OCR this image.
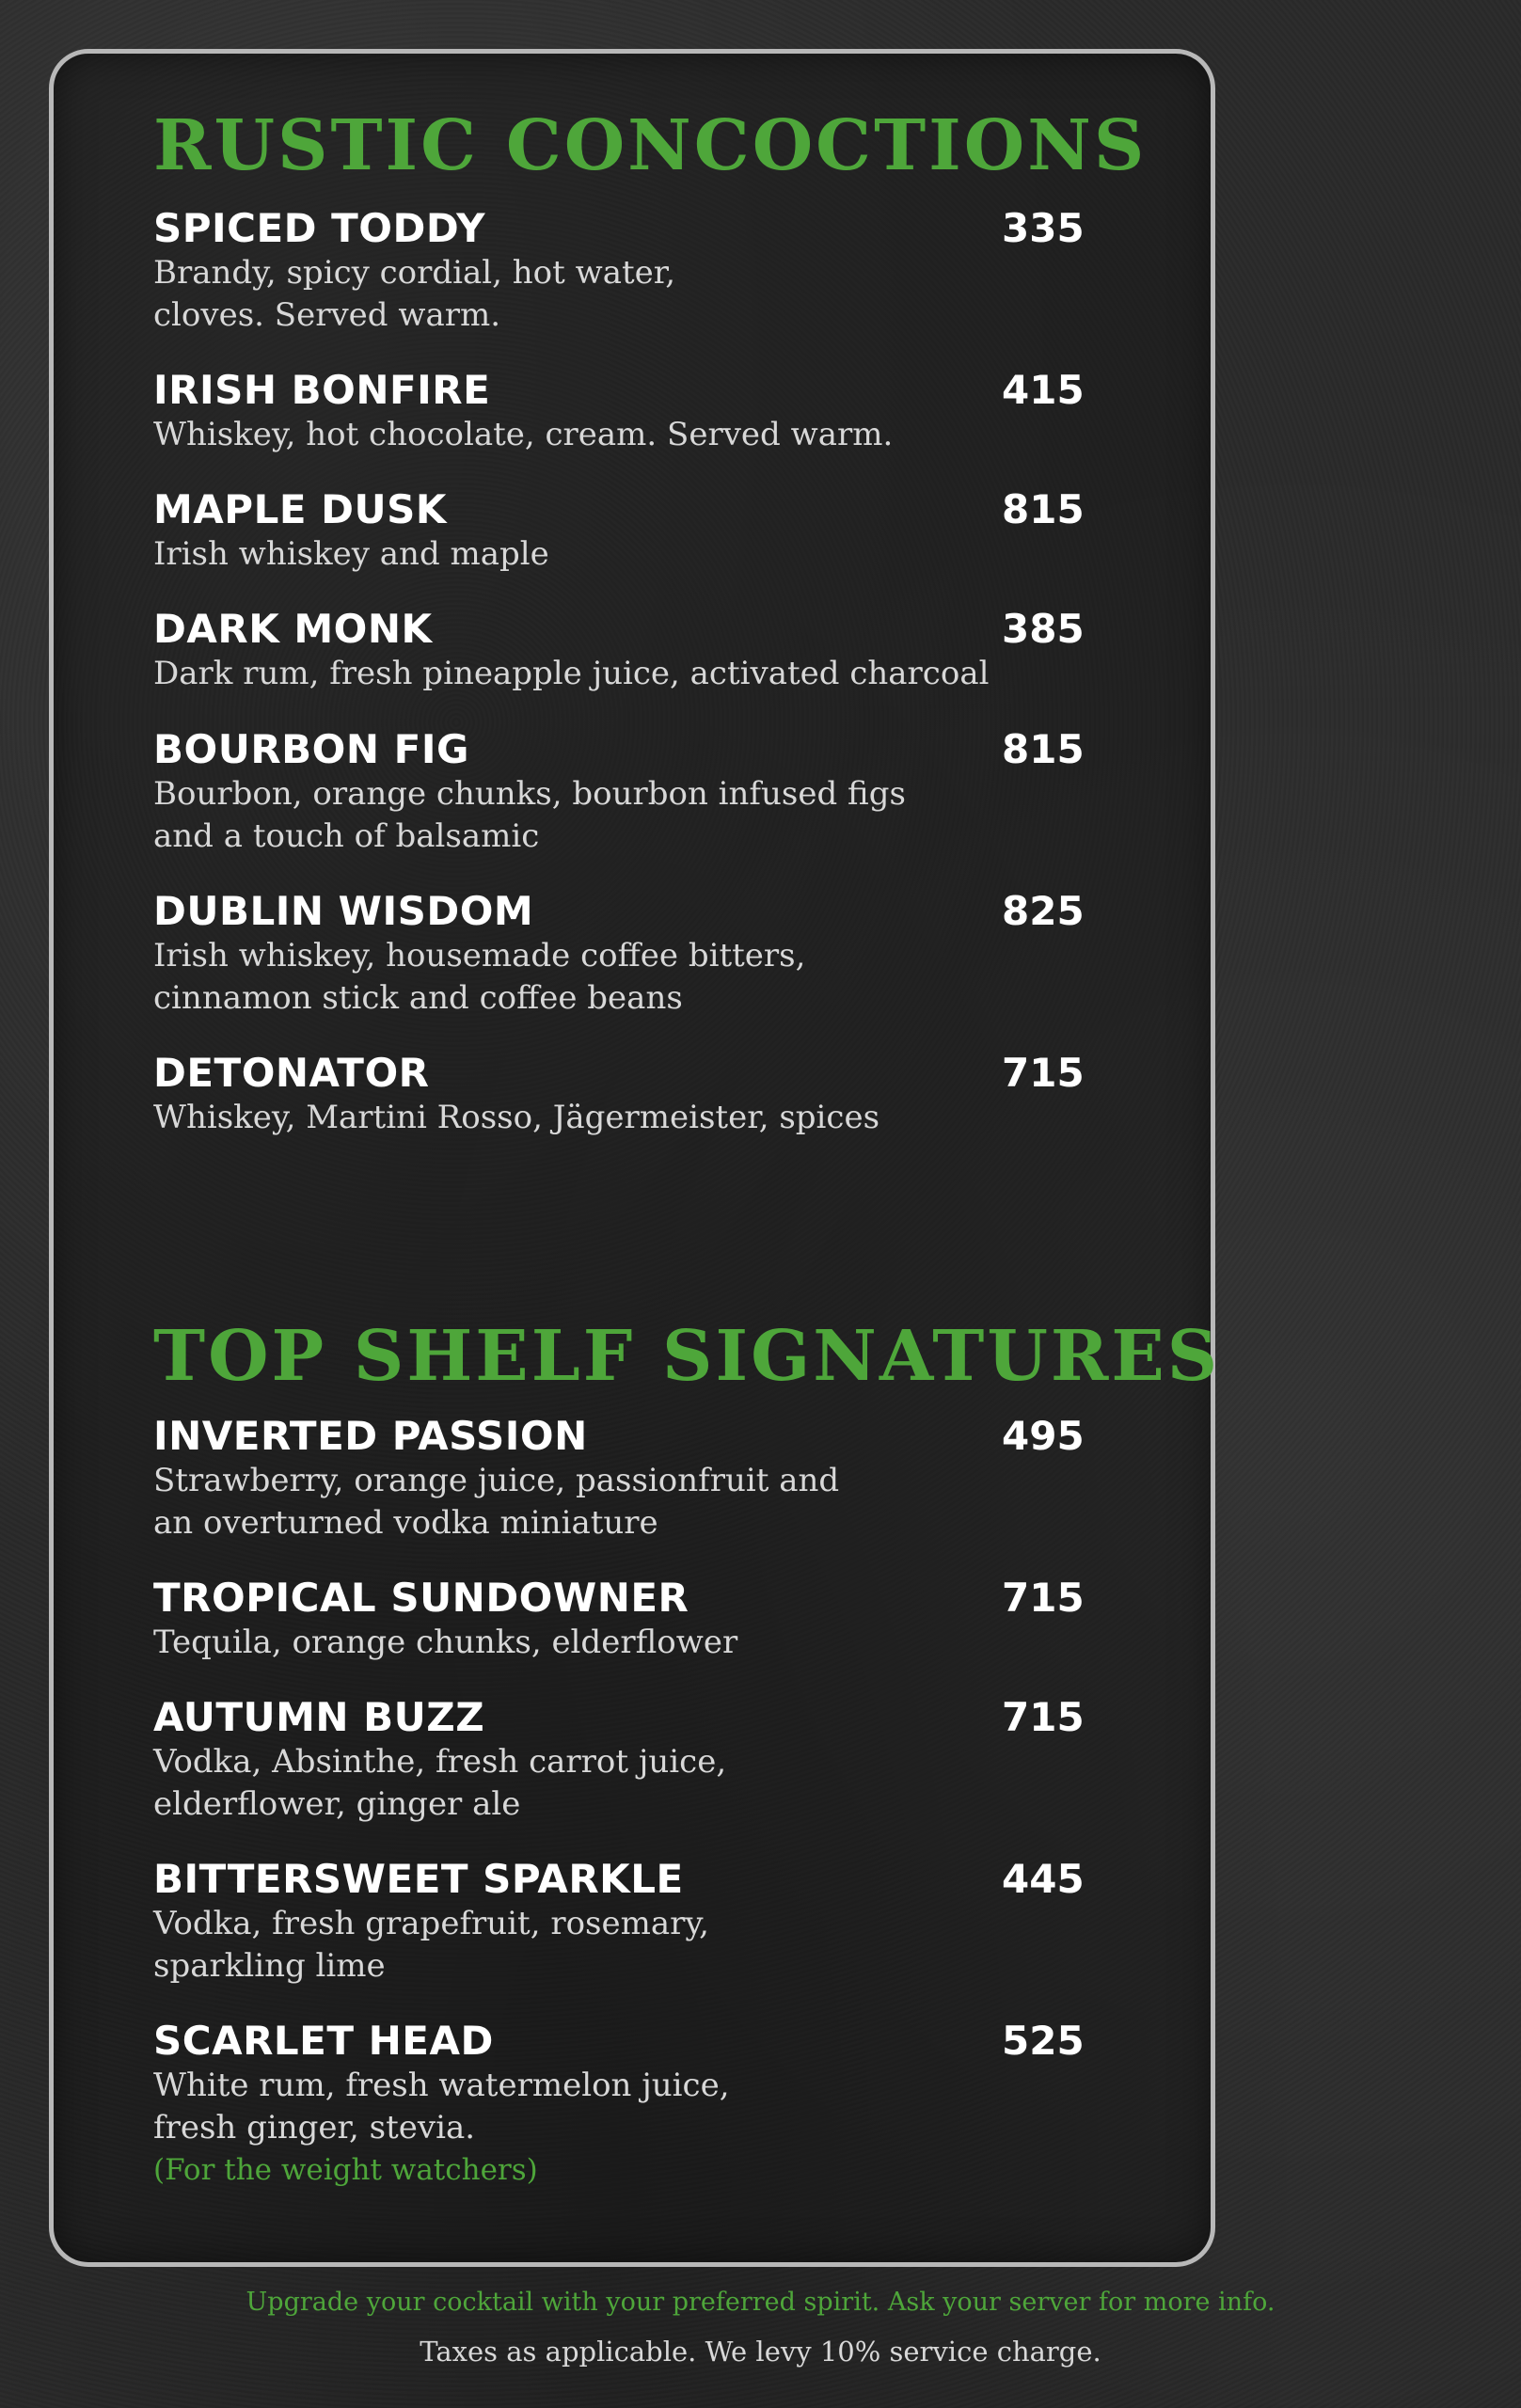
RUSTIC CONCOCTIONS
SPICED TODDY	335
Brandy, spicy cordial, hot water,
cloves. Served warm.
IRISH BONFIRE	415
Whiskey, hot chocolate, cream. Served warm.
MAPLE DUSK	815
Irish whiskey and maple
DARK MONK	385
Dark rum, fresh pineapple juice, activated charcoal
BOURBON FIG	815
Bourbon, orange chunks, bourbon infused figs
and a touch of balsamic
DUBLIN WISDOM	825
Irish whiskey, housemade coffee bitters,
cinnamon stick and coffee beans
DETONATOR	715
Whiskey, Martini Rosso, Jägermeister, spices
TOP SHELF SIGNATURES
INVERTED PASSION	495
Strawberry, orange juice, passionfruit and
an overturned vodka miniature
TROPICAL SUNDOWNER	715
Tequila, orange chunks, elderflower
AUTUMN BUZZ	715
Vodka, Absinthe, fresh carrot juice,
elderflower, ginger ale
BITTERSWEET SPARKLE	445
Vodka, fresh grapefruit, rosemary,
sparkling lime
SCARLET HEAD	525
White rum, fresh watermelon juice,
fresh ginger, stevia.
(For the weight watchers)
Upgrade your cocktail with your preferred spirit. Ask your server for more info.
Taxes as applicable. We levy 10% service charge.
